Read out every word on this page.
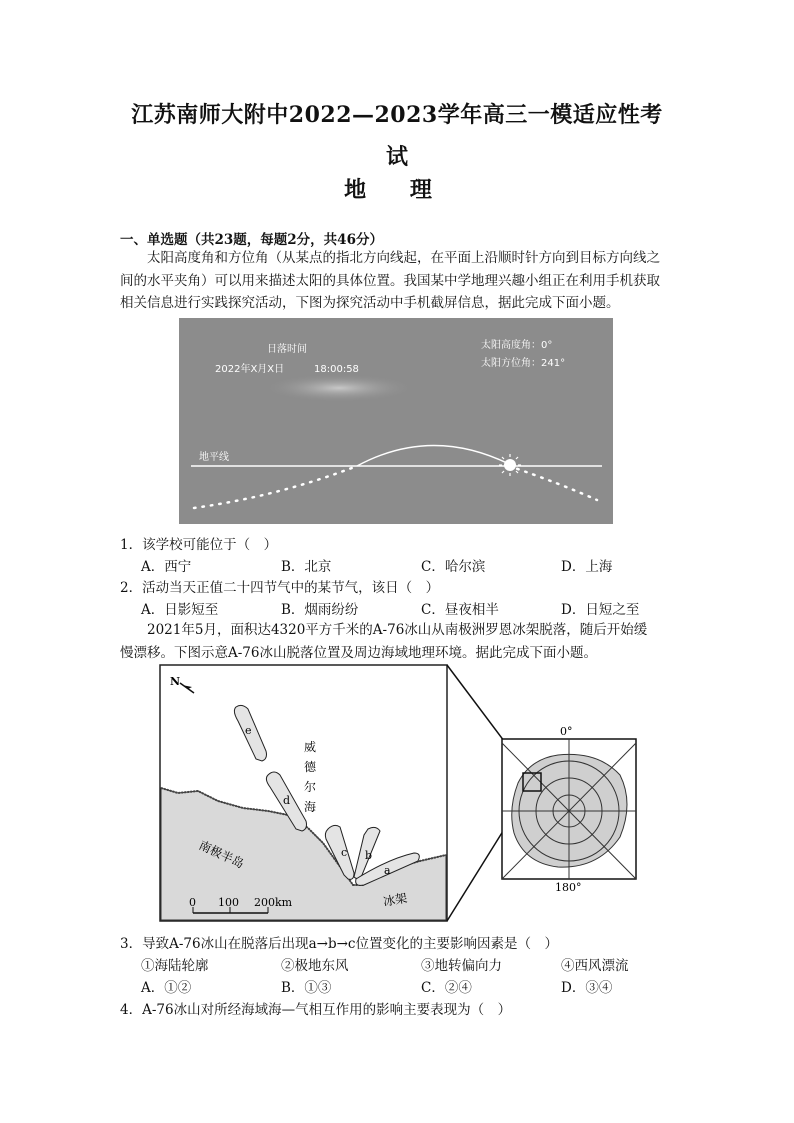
江苏南师大附中2022—2023学年高三一模适应性考
试
地 理
一、单选题（共23题，每题2分，共46分）
太阳高度角和方位角（从某点的指北方向线起，在平面上沿顺时针方向到目标方向线之
间的水平夹角）可以用来描述太阳的具体位置。我国某中学地理兴趣小组正在利用手机获取
相关信息进行实践探究活动，下图为探究活动中手机截屏信息，据此完成下面小题。
日落时间
2022年X月X日	18:00:58
太阳高度角：0°
太阳方位角：241°
地平线
1．该学校可能位于（　）
A．西宁	B．北京	C．哈尔滨	D．上海
2．活动当天正值二十四节气中的某节气，该日（　）
A．日影短至	B．烟雨纷纷	C．昼夜相半	D．日短之至
2021年5月，面积达4320平方千米的A-76冰山从南极洲罗恩冰架脱落，随后开始缓
慢漂移。下图示意A-76冰山脱落位置及周边海域地理环境。据此完成下面小题。
N
e
d
c b
a
威
德
尔
海
南极半岛
冰架
0 100 200km
0°
180°
3．导致A-76冰山在脱落后出现a→b→c位置变化的主要影响因素是（　）
①海陆轮廓	②极地东风	③地转偏向力	④西风漂流
A．①②	B．①③	C．②④	D．③④
4．A-76冰山对所经海域海—气相互作用的影响主要表现为（　）
